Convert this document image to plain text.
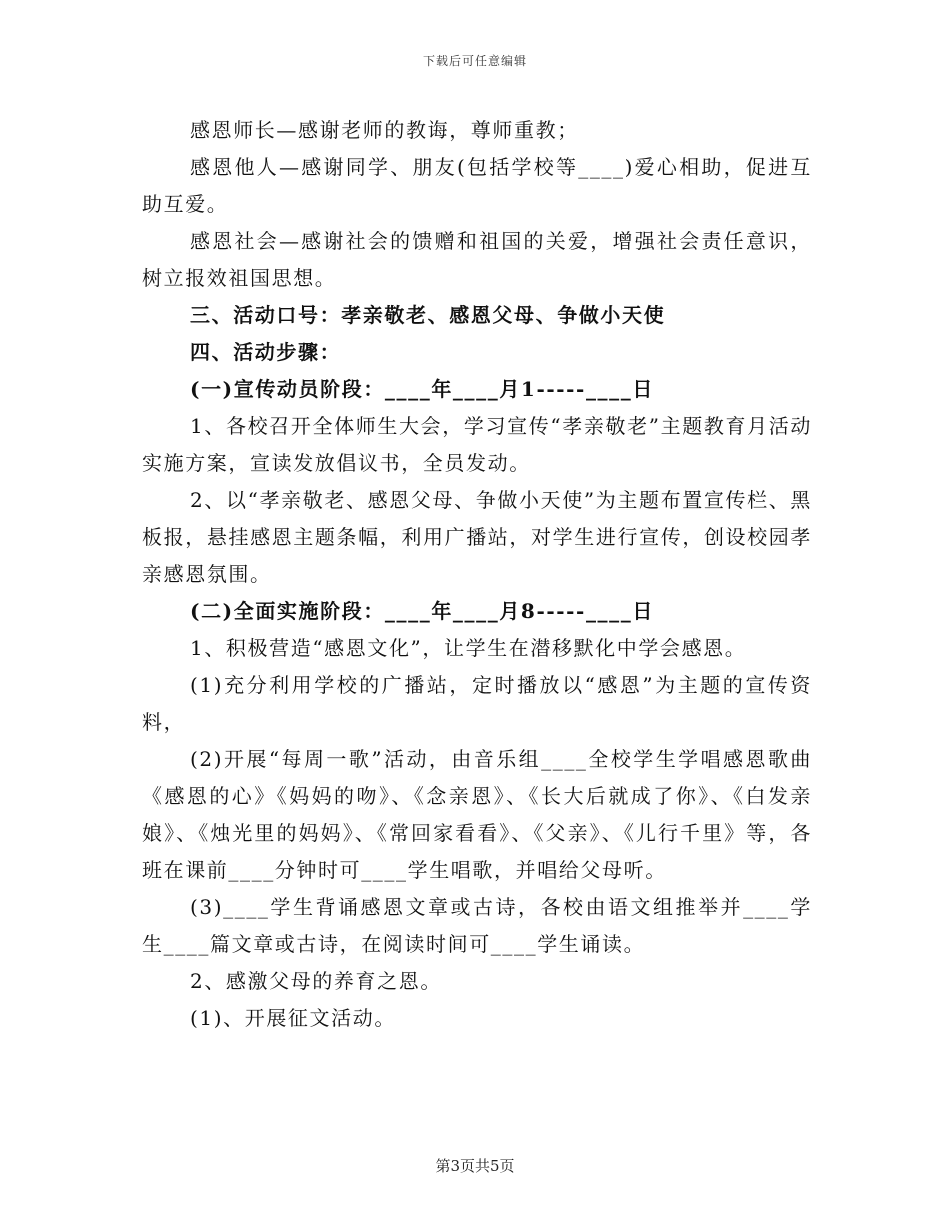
下载后可任意编辑

感恩师长—感谢老师的教诲，尊师重教；

感恩他人—感谢同学、朋友(包括学校等____)爱心相助，促进互助互爱。

感恩社会—感谢社会的馈赠和祖国的关爱，增强社会责任意识，树立报效祖国思想。

三、活动口号：孝亲敬老、感恩父母、争做小天使

四、活动步骤：

(一)宣传动员阶段：____年____月1-----____日

1、各校召开全体师生大会，学习宣传“孝亲敬老”主题教育月活动实施方案，宣读发放倡议书，全员发动。

2、以“孝亲敬老、感恩父母、争做小天使”为主题布置宣传栏、黑板报，悬挂感恩主题条幅，利用广播站，对学生进行宣传，创设校园孝亲感恩氛围。

(二)全面实施阶段：____年____月8-----____日

1、积极营造“感恩文化”，让学生在潜移默化中学会感恩。

(1)充分利用学校的广播站，定时播放以“感恩”为主题的宣传资料，

(2)开展“每周一歌”活动，由音乐组____全校学生学唱感恩歌曲《感恩的心》《妈妈的吻》、《念亲恩》、《长大后就成了你》、《白发亲娘》、《烛光里的妈妈》、《常回家看看》、《父亲》、《儿行千里》等，各班在课前____分钟时可____学生唱歌，并唱给父母听。

(3)____学生背诵感恩文章或古诗，各校由语文组推举并____学生____篇文章或古诗，在阅读时间可____学生诵读。

2、感激父母的养育之恩。

(1)、开展征文活动。

第3页共5页
